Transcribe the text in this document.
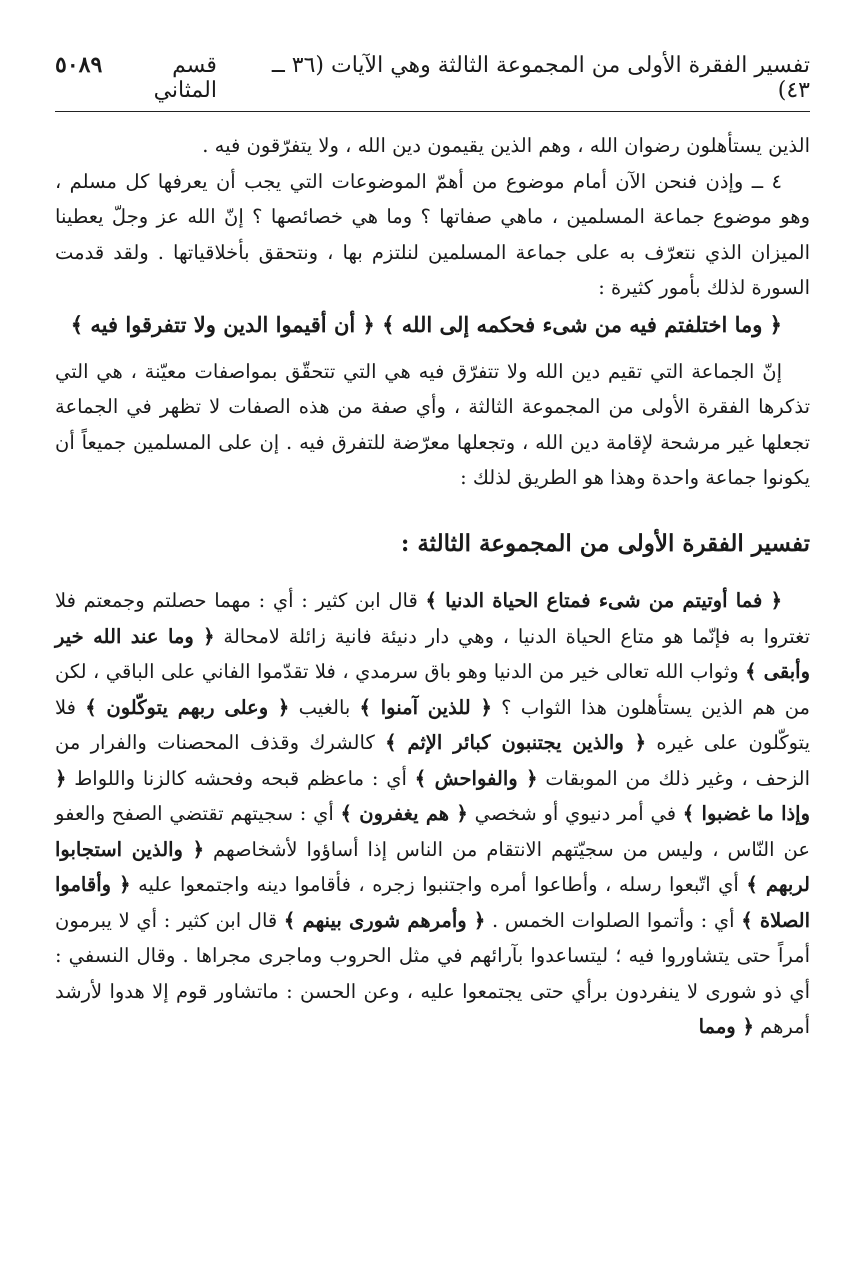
تفسير الفقرة الأولى من المجموعة الثالثة وهي الآيات (٣٦ ــ ٤٣)
قسم المثاني
٥٠٨٩

الذين يستأهلون رضوان الله ، وهم الذين يقيمون دين الله ، ولا يتفرّقون فيه .

٤ ــ وإذن فنحن الآن أمام موضوع من أهمّ الموضوعات التي يجب أن يعرفها كل مسلم ، وهو موضوع جماعة المسلمين ، ماهي صفاتها ؟ وما هي خصائصها ؟ إنّ الله عز وجلّ يعطينا الميزان الذي نتعرّف به على جماعة المسلمين لنلتزم بها ، ونتحقق بأخلاقياتها . ولقد قدمت السورة لذلك بأمور كثيرة :

﴿ وما اختلفتم فيه من شىء فحكمه إلى الله ﴾ ﴿ أن أقيموا الدين ولا تتفرقوا فيه ﴾

إنّ الجماعة التي تقيم دين الله ولا تتفرّق فيه هي التي تتحقّق بمواصفات معيّنة ، هي التي تذكرها الفقرة الأولى من المجموعة الثالثة ، وأي صفة من هذه الصفات لا تظهر في الجماعة تجعلها غير مرشحة لإقامة دين الله ، وتجعلها معرّضة للتفرق فيه . إن على المسلمين جميعاً أن يكونوا جماعة واحدة وهذا هو الطريق لذلك :

تفسير الفقرة الأولى من المجموعة الثالثة :

﴿ فما أوتيتم من شىء فمتاع الحياة الدنيا ﴾ قال ابن كثير : أي : مهما حصلتم وجمعتم فلا تغتروا به فإنّما هو متاع الحياة الدنيا ، وهي دار دنيئة فانية زائلة لامحالة ﴿ وما عند الله خير وأبقى ﴾ وثواب الله تعالى خير من الدنيا وهو باق سرمدي ، فلا تقدّموا الفاني على الباقي ، لكن من هم الذين يستأهلون هذا الثواب ؟ ﴿ للذين آمنوا ﴾ بالغيب ﴿ وعلى ربهم يتوكّلون ﴾ فلا يتوكّلون على غيره ﴿ والذين يجتنبون كبائر الإثم ﴾ كالشرك وقذف المحصنات والفرار من الزحف ، وغير ذلك من الموبقات ﴿ والفواحش ﴾ أي : ماعظم قبحه وفحشه كالزنا واللواط ﴿ وإذا ما غضبوا ﴾ في أمر دنيوي أو شخصي ﴿ هم يغفرون ﴾ أي : سجيتهم تقتضي الصفح والعفو عن النّاس ، وليس من سجيّتهم الانتقام من الناس إذا أساؤوا لأشخاصهم ﴿ والذين استجابوا لربهم ﴾ أي اتّبعوا رسله ، وأطاعوا أمره واجتنبوا زجره ، فأقاموا دينه واجتمعوا عليه ﴿ وأقاموا الصلاة ﴾ أي : وأتموا الصلوات الخمس . ﴿ وأمرهم شورى بينهم ﴾ قال ابن كثير : أي لا يبرمون أمراً حتى يتشاوروا فيه ؛ ليتساعدوا بآرائهم في مثل الحروب وماجرى مجراها . وقال النسفي : أي ذو شورى لا ينفردون برأي حتى يجتمعوا عليه ، وعن الحسن : ماتشاور قوم إلا هدوا لأرشد أمرهم ﴿ ومما
